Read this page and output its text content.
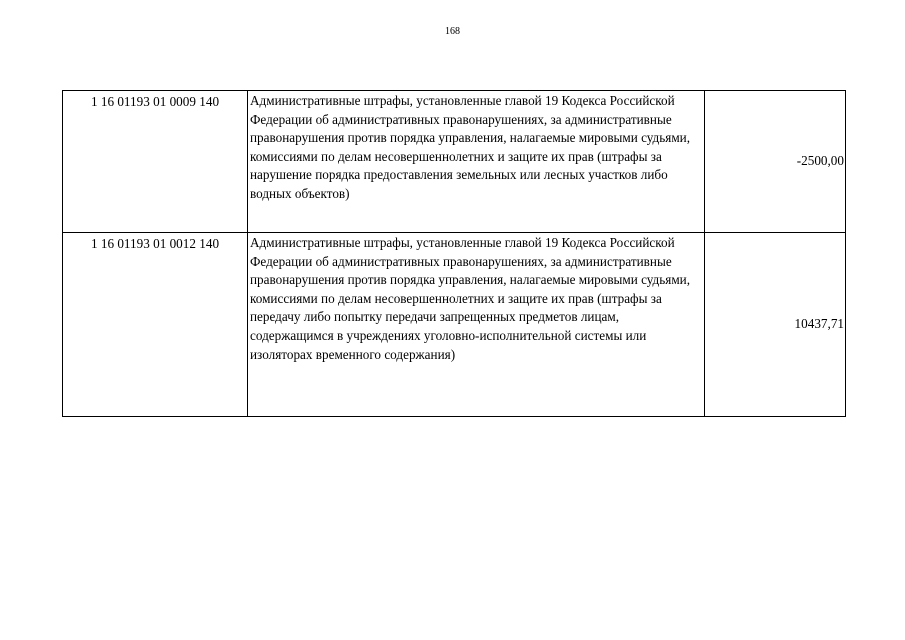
168
1 16 01193 01 0009 140	Административные штрафы, установленные главой 19 Кодекса Российской Федерации об административных правонарушениях, за административные правонарушения против порядка управления, налагаемые мировыми судьями, комиссиями по делам несовершеннолетних и защите их прав (штрафы за нарушение порядка предоставления земельных или лесных участков либо водных объектов)	-2500,00
1 16 01193 01 0012 140	Административные штрафы, установленные главой 19 Кодекса Российской Федерации об административных правонарушениях, за административные правонарушения против порядка управления, налагаемые мировыми судьями, комиссиями по делам несовершеннолетних и защите их прав (штрафы за передачу либо попытку передачи запрещенных предметов лицам, содержащимся в учреждениях уголовно-исполнительной системы или изоляторах временного содержания)	10437,71
